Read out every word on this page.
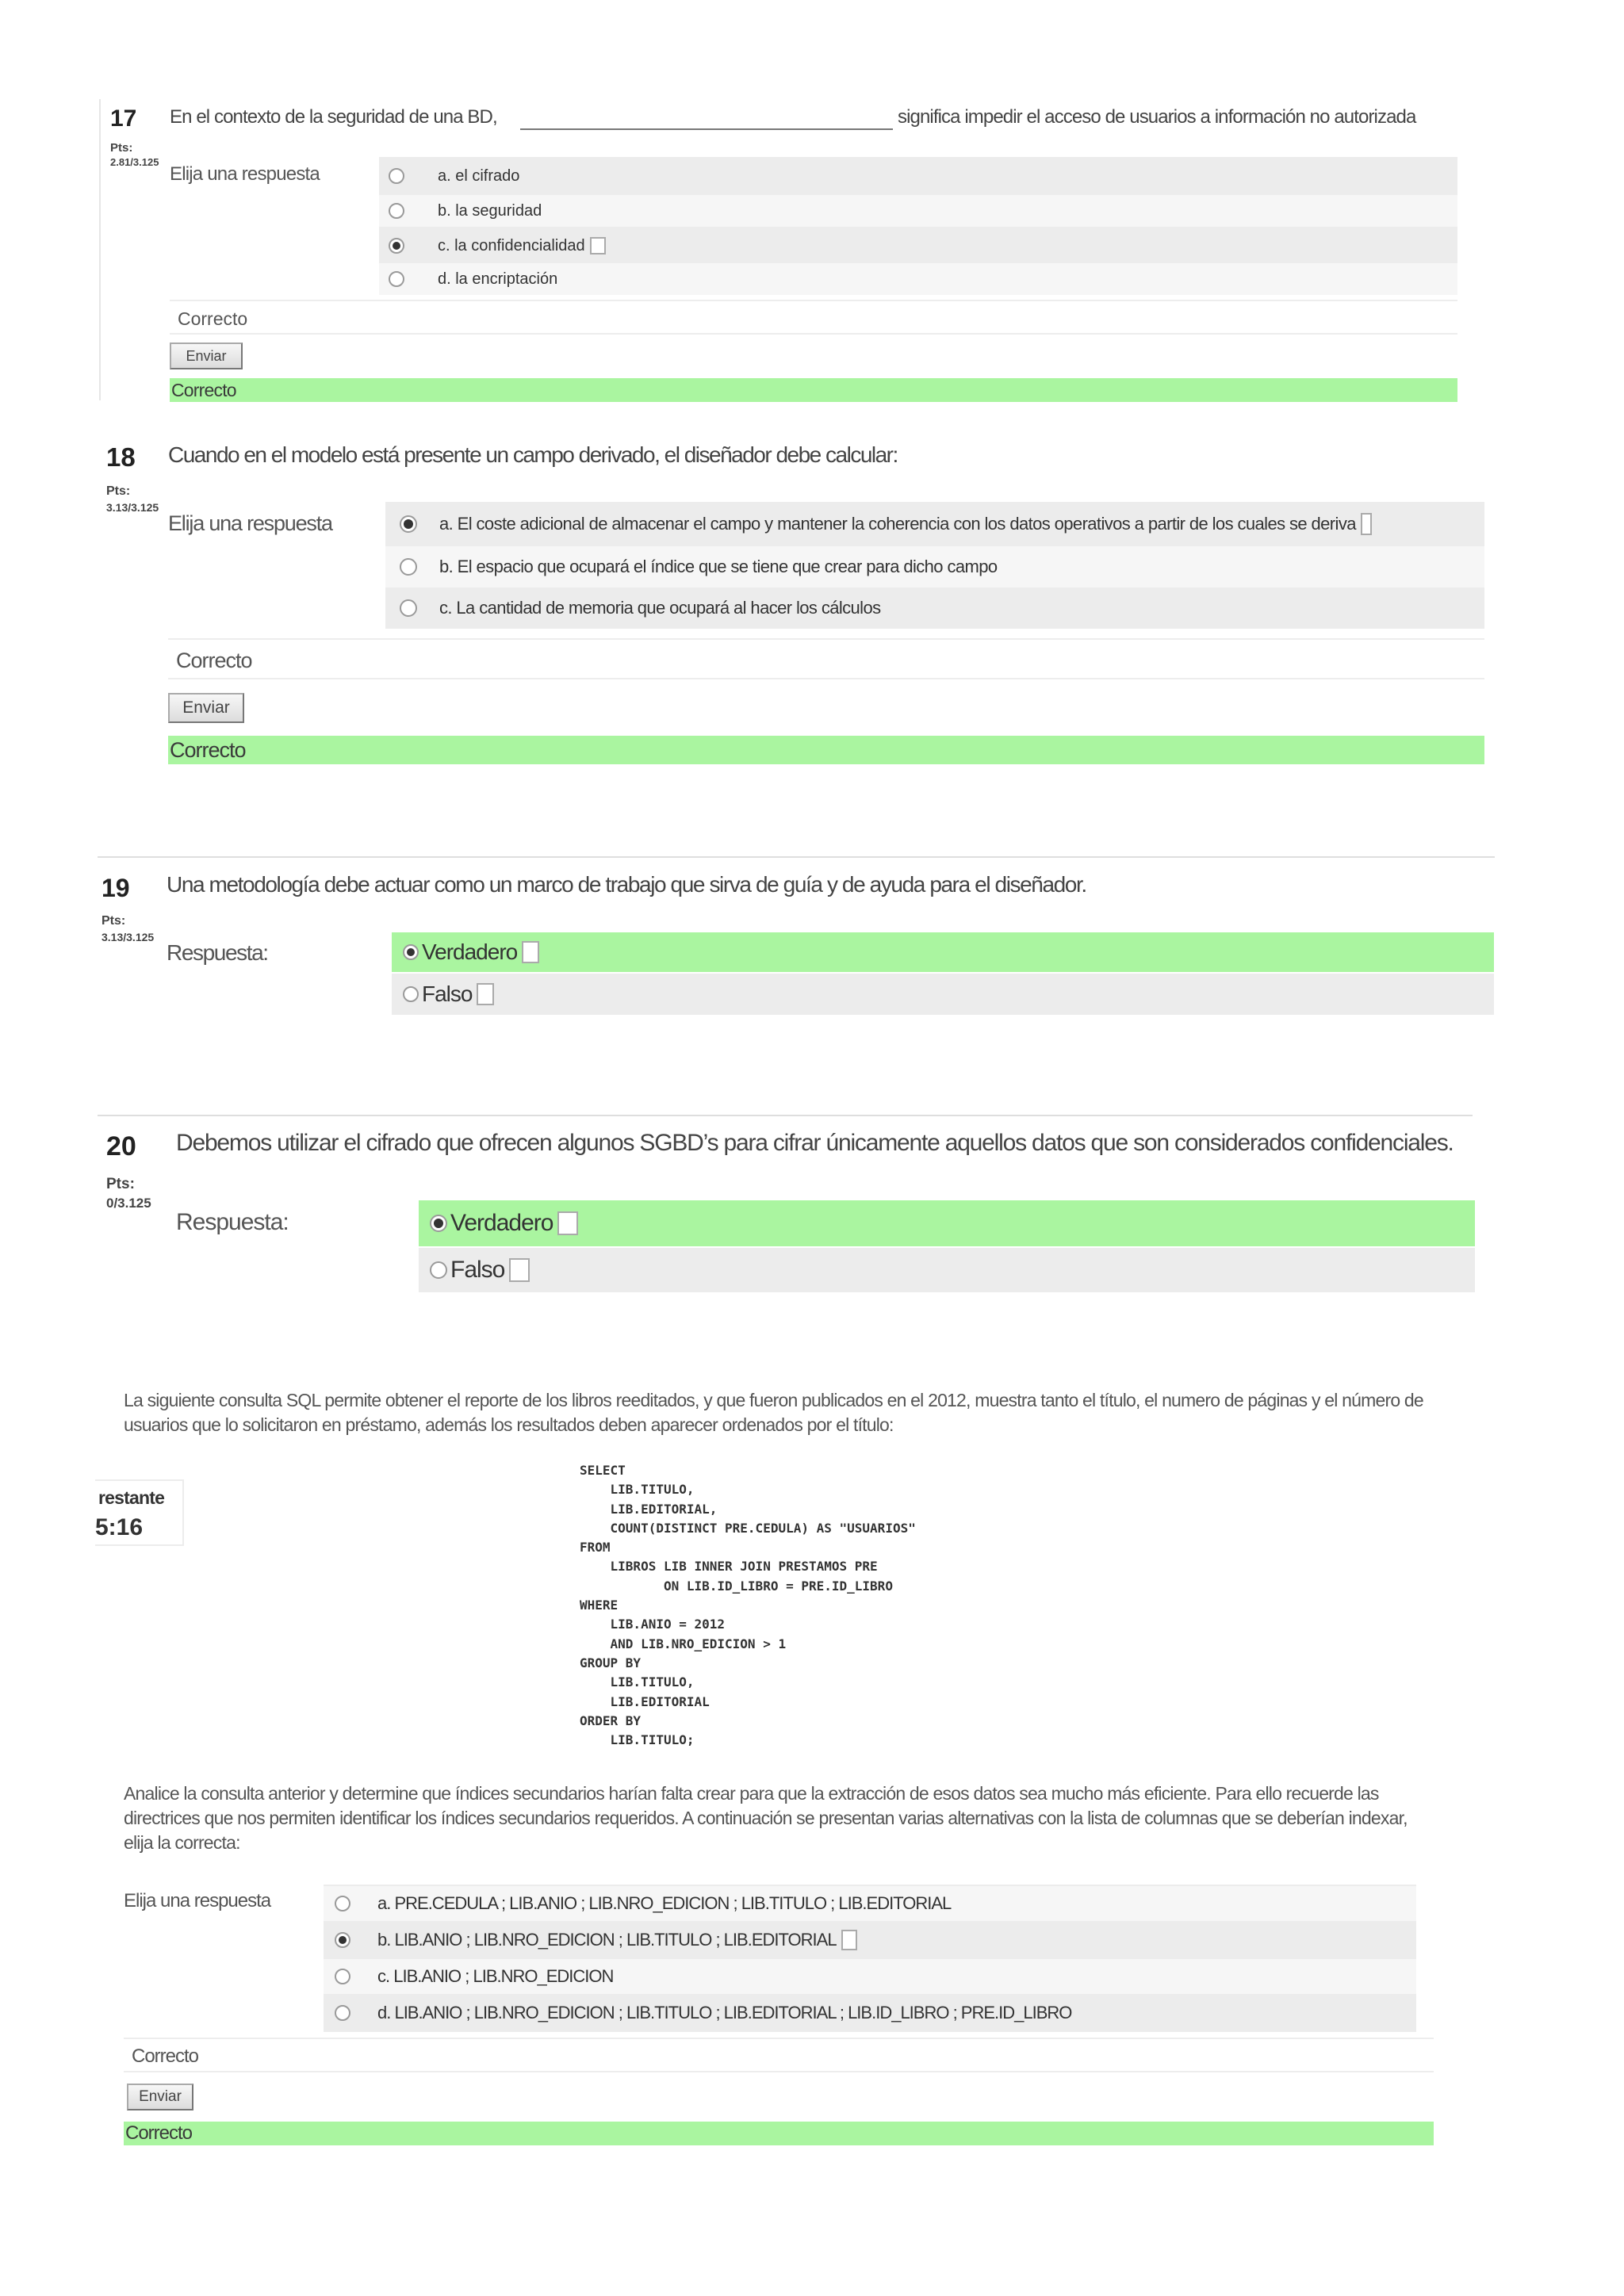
17
Pts:
2.81/3.125
En el contexto de la seguridad de una BD,	significa impedir el acceso de usuarios a información no autorizada
Elija una respuesta	a. el cifrado
b. la seguridad
c. la confidencialidad
d. la encriptación
Correcto
Enviar
Correcto
18
Pts:
3.13/3.125
Cuando en el modelo está presente un campo derivado, el diseñador debe calcular:
Elija una respuesta	a. El coste adicional de almacenar el campo y mantener la coherencia con los datos operativos a partir de los cuales se deriva
b. El espacio que ocupará el índice que se tiene que crear para dicho campo
c. La cantidad de memoria que ocupará al hacer los cálculos
Correcto
Enviar
Correcto
19
Pts:
3.13/3.125
Una metodología debe actuar como un marco de trabajo que sirva de guía y de ayuda para el diseñador.
Respuesta:	Verdadero
Falso
20
Pts:
0/3.125
Debemos utilizar el cifrado que ofrecen algunos SGBD’s para cifrar únicamente aquellos datos que son considerados confidenciales.
Respuesta:	Verdadero
Falso
La siguiente consulta SQL permite obtener el reporte de los libros reeditados, y que fueron publicados en el 2012, muestra tanto el título, el numero de páginas y el número de usuarios que lo solicitaron en préstamo, además los resultados deben aparecer ordenados por el título:
restante
5:16
SELECT
LIB.TITULO,
LIB.EDITORIAL,
COUNT(DISTINCT PRE.CEDULA) AS "USUARIOS"
FROM
LIBROS LIB INNER JOIN PRESTAMOS PRE
ON LIB.ID_LIBRO = PRE.ID_LIBRO
WHERE
LIB.ANIO = 2012
AND LIB.NRO_EDICION > 1
GROUP BY
LIB.TITULO,
LIB.EDITORIAL
ORDER BY
LIB.TITULO;
Analice la consulta anterior y determine que índices secundarios harían falta crear para que la extracción de esos datos sea mucho más eficiente. Para ello recuerde las directrices que nos permiten identificar los índices secundarios requeridos. A continuación se presentan varias alternativas con la lista de columnas que se deberían indexar, elija la correcta:
Elija una respuesta	a. PRE.CEDULA ; LIB.ANIO ; LIB.NRO_EDICION ; LIB.TITULO ; LIB.EDITORIAL
b. LIB.ANIO ; LIB.NRO_EDICION ; LIB.TITULO ; LIB.EDITORIAL
c. LIB.ANIO ; LIB.NRO_EDICION
d. LIB.ANIO ; LIB.NRO_EDICION ; LIB.TITULO ; LIB.EDITORIAL ; LIB.ID_LIBRO ; PRE.ID_LIBRO
Correcto
Enviar
Correcto
